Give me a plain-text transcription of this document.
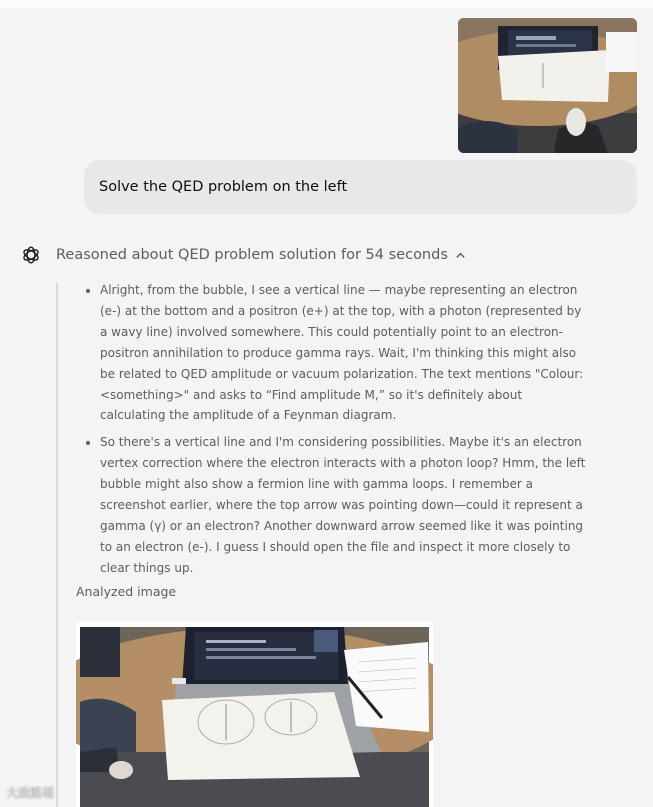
Solve the QED problem on the left
Reasoned about QED problem solution for 54 seconds
• Alright, from the bubble, I see a vertical line — maybe representing an electron (e-) at the bottom and a positron (e+) at the top, with a photon (represented by a wavy line) involved somewhere. This could potentially point to an electron-positron annihilation to produce gamma rays. Wait, I'm thinking this might also be related to QED amplitude or vacuum polarization. The text mentions "Colour: <something>" and asks to “Find amplitude M,” so it's definitely about calculating the amplitude of a Feynman diagram.
• So there's a vertical line and I'm considering possibilities. Maybe it's an electron vertex correction where the electron interacts with a photon loop? Hmm, the left bubble might also show a fermion line with gamma loops. I remember a screenshot earlier, where the top arrow was pointing down—could it represent a gamma (γ) or an electron? Another downward arrow seemed like it was pointing to an electron (e-). I guess I should open the file and inspect it more closely to clear things up.
Analyzed image
大敌路瑶
